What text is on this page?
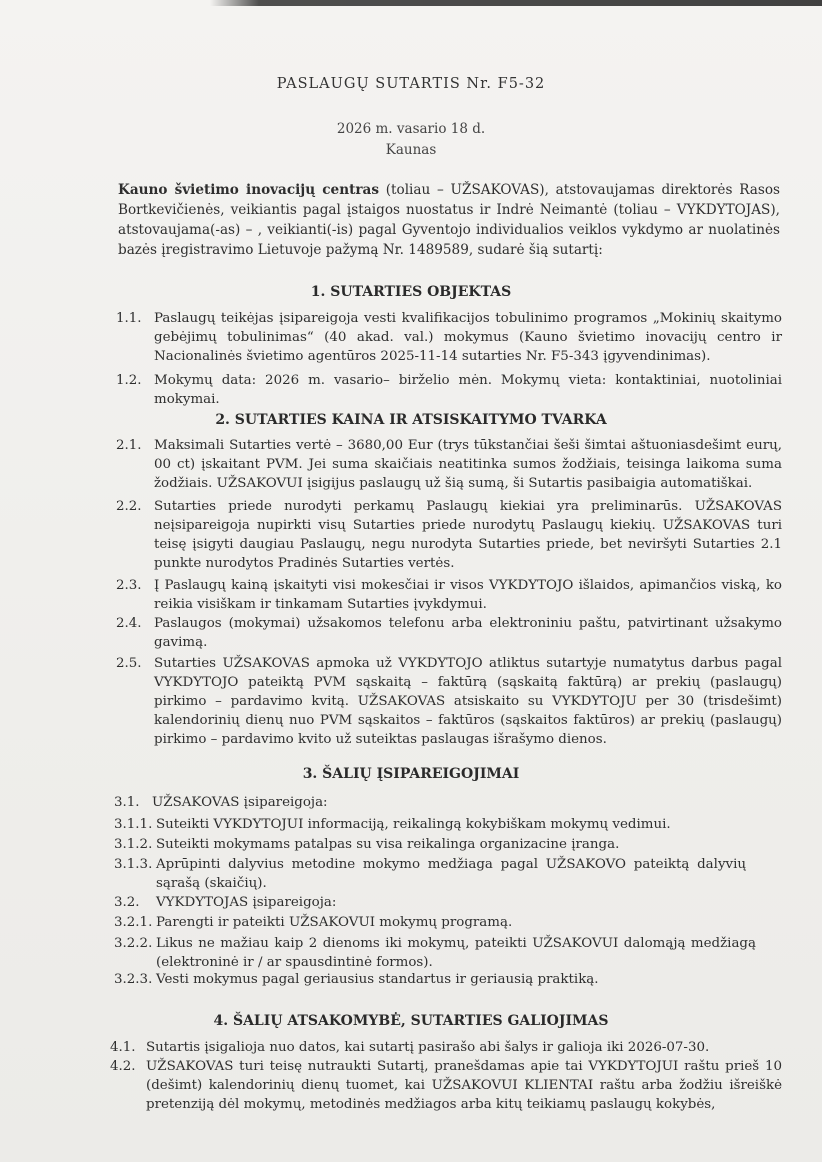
PASLAUGŲ SUTARTIS Nr. F5-32
2026 m. vasario 18 d.
Kaunas
Kauno švietimo inovacijų centras (toliau – UŽSAKOVAS), atstovaujamas direktorės Rasos Bortkevičienės, veikiantis pagal įstaigos nuostatus ir Indrė Neimantė (toliau – VYKDYTOJAS), atstovaujama(-as) – , veikianti(-is) pagal Gyventojo individualios veiklos vykdymo ar nuolatinės bazės įregistravimo Lietuvoje pažymą Nr. 1489589, sudarė šią sutartį:
1. SUTARTIES OBJEKTAS
1.1. Paslaugų teikėjas įsipareigoja vesti kvalifikacijos tobulinimo programos „Mokinių skaitymo gebėjimų tobulinimas“ (40 akad. val.) mokymus (Kauno švietimo inovacijų centro ir Nacionalinės švietimo agentūros 2025-11-14 sutarties Nr. F5-343 įgyvendinimas).
1.2. Mokymų data: 2026 m. vasario– birželio mėn. Mokymų vieta: kontaktiniai, nuotoliniai mokymai.
2. SUTARTIES KAINA IR ATSISKAITYMO TVARKA
2.1. Maksimali Sutarties vertė – 3680,00 Eur (trys tūkstančiai šeši šimtai aštuoniasdešimt eurų, 00 ct) įskaitant PVM. Jei suma skaičiais neatitinka sumos žodžiais, teisinga laikoma suma žodžiais. UŽSAKOVUI įsigijus paslaugų už šią sumą, ši Sutartis pasibaigia automatiškai.
2.2. Sutarties priede nurodyti perkamų Paslaugų kiekiai yra preliminarūs. UŽSAKOVAS neįsipareigoja nupirkti visų Sutarties priede nurodytų Paslaugų kiekių. UŽSAKOVAS turi teisę įsigyti daugiau Paslaugų, negu nurodyta Sutarties priede, bet neviršyti Sutarties 2.1 punkte nurodytos Pradinės Sutarties vertės.
2.3. Į Paslaugų kainą įskaityti visi mokesčiai ir visos VYKDYTOJO išlaidos, apimančios viską, ko reikia visiškam ir tinkamam Sutarties įvykdymui.
2.4. Paslaugos (mokymai) užsakomos telefonu arba elektroniniu paštu, patvirtinant užsakymo gavimą.
2.5. Sutarties UŽSAKOVAS apmoka už VYKDYTOJO atliktus sutartyje numatytus darbus pagal VYKDYTOJO pateiktą PVM sąskaitą – faktūrą (sąskaitą faktūrą) ar prekių (paslaugų) pirkimo – pardavimo kvitą. UŽSAKOVAS atsiskaito su VYKDYTOJU per 30 (trisdešimt) kalendorinių dienų nuo PVM sąskaitos – faktūros (sąskaitos faktūros) ar prekių (paslaugų) pirkimo – pardavimo kvito už suteiktas paslaugas išrašymo dienos.
3. ŠALIŲ ĮSIPAREIGOJIMAI
3.1. UŽSAKOVAS įsipareigoja:
3.1.1. Suteikti VYKDYTOJUI informaciją, reikalingą kokybiškam mokymų vedimui.
3.1.2. Suteikti mokymams patalpas su visa reikalinga organizacine įranga.
3.1.3. Aprūpinti dalyvius metodine mokymo medžiaga pagal UŽSAKOVO pateiktą dalyvių sąrašą (skaičių).
3.2. VYKDYTOJAS įsipareigoja:
3.2.1. Parengti ir pateikti UŽSAKOVUI mokymų programą.
3.2.2. Likus ne mažiau kaip 2 dienoms iki mokymų, pateikti UŽSAKOVUI dalomąją medžiagą (elektroninė ir / ar spausdintinė formos).
3.2.3. Vesti mokymus pagal geriausius standartus ir geriausią praktiką.
4. ŠALIŲ ATSAKOMYBĖ, SUTARTIES GALIOJIMAS
4.1. Sutartis įsigalioja nuo datos, kai sutartį pasirašo abi šalys ir galioja iki 2026-07-30.
4.2. UŽSAKOVAS turi teisę nutraukti Sutartį, pranešdamas apie tai VYKDYTOJUI raštu prieš 10 (dešimt) kalendorinių dienų tuomet, kai UŽSAKOVUI KLIENTAI raštu arba žodžiu išreiškė pretenziją dėl mokymų, metodinės medžiagos arba kitų teikiamų paslaugų kokybės,
